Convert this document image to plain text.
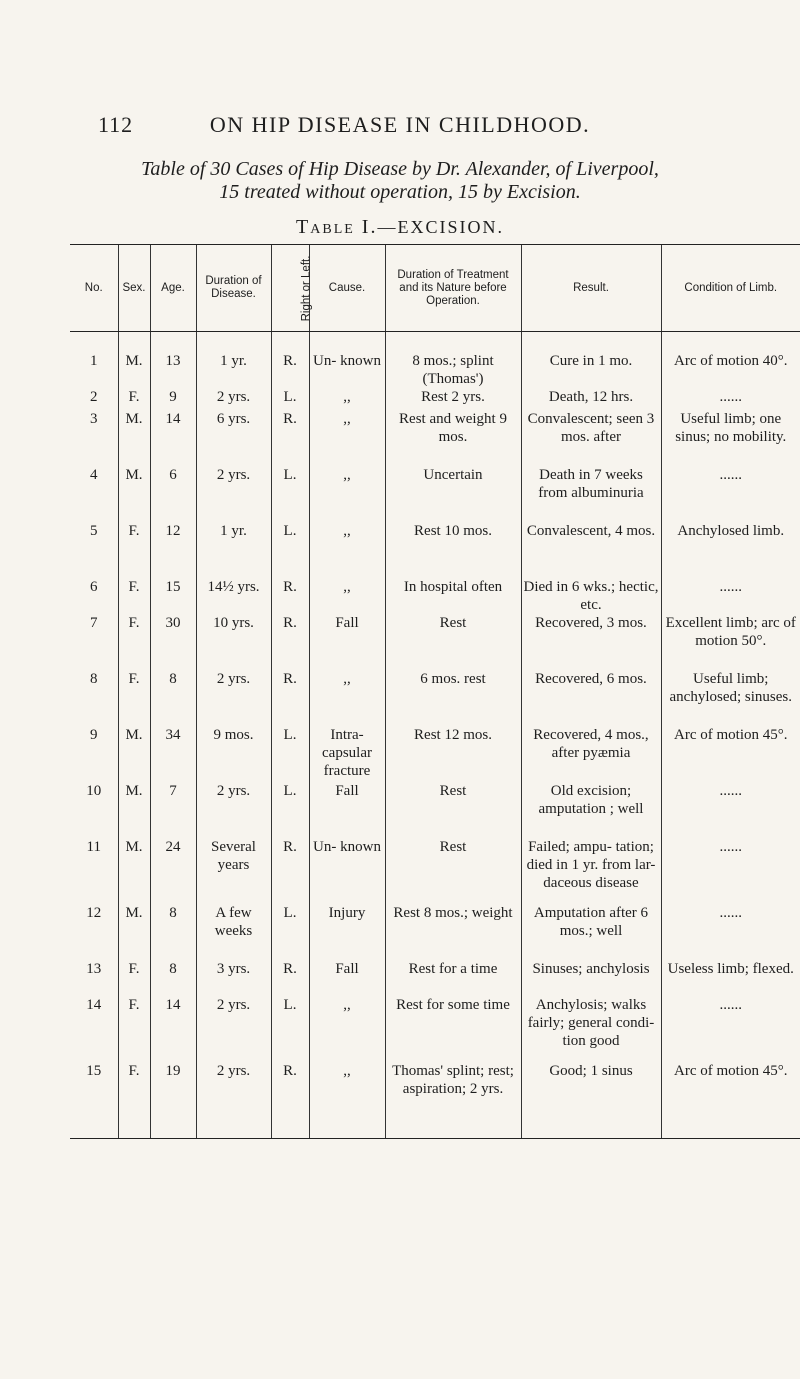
112	ON HIP DISEASE IN CHILDHOOD.
Table of 30 Cases of Hip Disease by Dr. Alexander, of Liverpool,
15 treated without operation, 15 by Excision.
Table I.—EXCISION.
No.	Sex.	Age.	Duration of Disease.	Right or Left.	Cause.	Duration of Treatment and its Nature before Operation.	Result.	Condition of Limb.
1	M.	13	1 yr.	R.	Un- known	8 mos.; splint (Thomas')	Cure in 1 mo.	Arc of motion 40°.
2	F.	9	2 yrs.	L.	,,	Rest 2 yrs.	Death, 12 hrs.	......
3	M.	14	6 yrs.	R.	,,	Rest and weight 9 mos.	Convalescent; seen 3 mos. after	Useful limb; one sinus; no mobility.
4	M.	6	2 yrs.	L.	,,	Uncertain	Death in 7 weeks from albuminuria	......
5	F.	12	1 yr.	L.	,,	Rest 10 mos.	Convalescent, 4 mos.	Anchylosed limb.
6	F.	15	14½ yrs.	R.	,,	In hospital often	Died in 6 wks.; hectic, etc.	......
7	F.	30	10 yrs.	R.	Fall	Rest	Recovered, 3 mos.	Excellent limb; arc of motion 50°.
8	F.	8	2 yrs.	R.	,,	6 mos. rest	Recovered, 6 mos.	Useful limb; anchylosed; sinuses.
9	M.	34	9 mos.	L.	Intra- capsular fracture	Rest 12 mos.	Recovered, 4 mos., after pyæmia	Arc of motion 45°.
10	M.	7	2 yrs.	L.	Fall	Rest	Old excision; amputation ; well	......
11	M.	24	Several years	R.	Un- known	Rest	Failed; ampu- tation; died in 1 yr. from lar- daceous disease	......
12	M.	8	A few weeks	L.	Injury	Rest 8 mos.; weight	Amputation after 6 mos.; well	......
13	F.	8	3 yrs.	R.	Fall	Rest for a time	Sinuses; anchylosis	Useless limb; flexed.
14	F.	14	2 yrs.	L.	,,	Rest for some time	Anchylosis; walks fairly; general condi- tion good	......
15	F.	19	2 yrs.	R.	,,	Thomas' splint; rest; aspiration; 2 yrs.	Good; 1 sinus	Arc of motion 45°.
